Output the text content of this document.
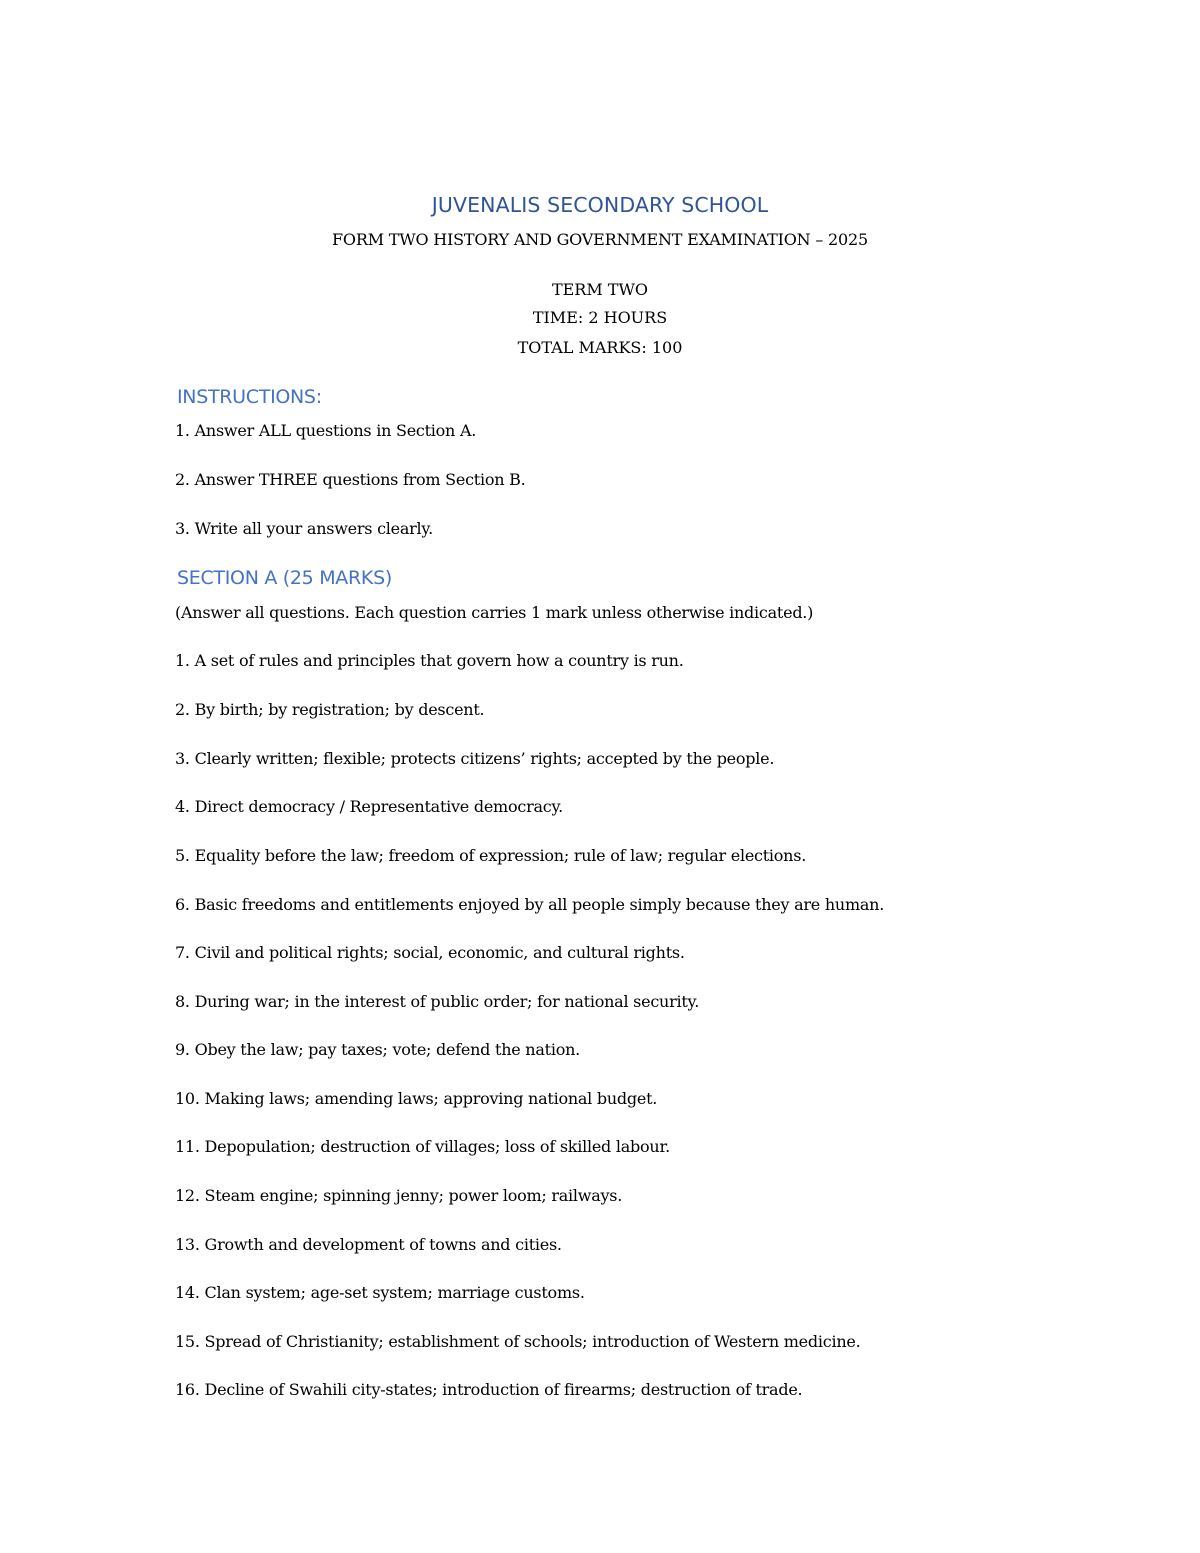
JUVENALIS SECONDARY SCHOOL
FORM TWO HISTORY AND GOVERNMENT EXAMINATION – 2025
TERM TWO
TIME: 2 HOURS
TOTAL MARKS: 100
INSTRUCTIONS:
1. Answer ALL questions in Section A.
2. Answer THREE questions from Section B.
3. Write all your answers clearly.
SECTION A (25 MARKS)
(Answer all questions. Each question carries 1 mark unless otherwise indicated.)
1. A set of rules and principles that govern how a country is run.
2. By birth; by registration; by descent.
3. Clearly written; flexible; protects citizens’ rights; accepted by the people.
4. Direct democracy / Representative democracy.
5. Equality before the law; freedom of expression; rule of law; regular elections.
6. Basic freedoms and entitlements enjoyed by all people simply because they are human.
7. Civil and political rights; social, economic, and cultural rights.
8. During war; in the interest of public order; for national security.
9. Obey the law; pay taxes; vote; defend the nation.
10. Making laws; amending laws; approving national budget.
11. Depopulation; destruction of villages; loss of skilled labour.
12. Steam engine; spinning jenny; power loom; railways.
13. Growth and development of towns and cities.
14. Clan system; age-set system; marriage customs.
15. Spread of Christianity; establishment of schools; introduction of Western medicine.
16. Decline of Swahili city-states; introduction of firearms; destruction of trade.
